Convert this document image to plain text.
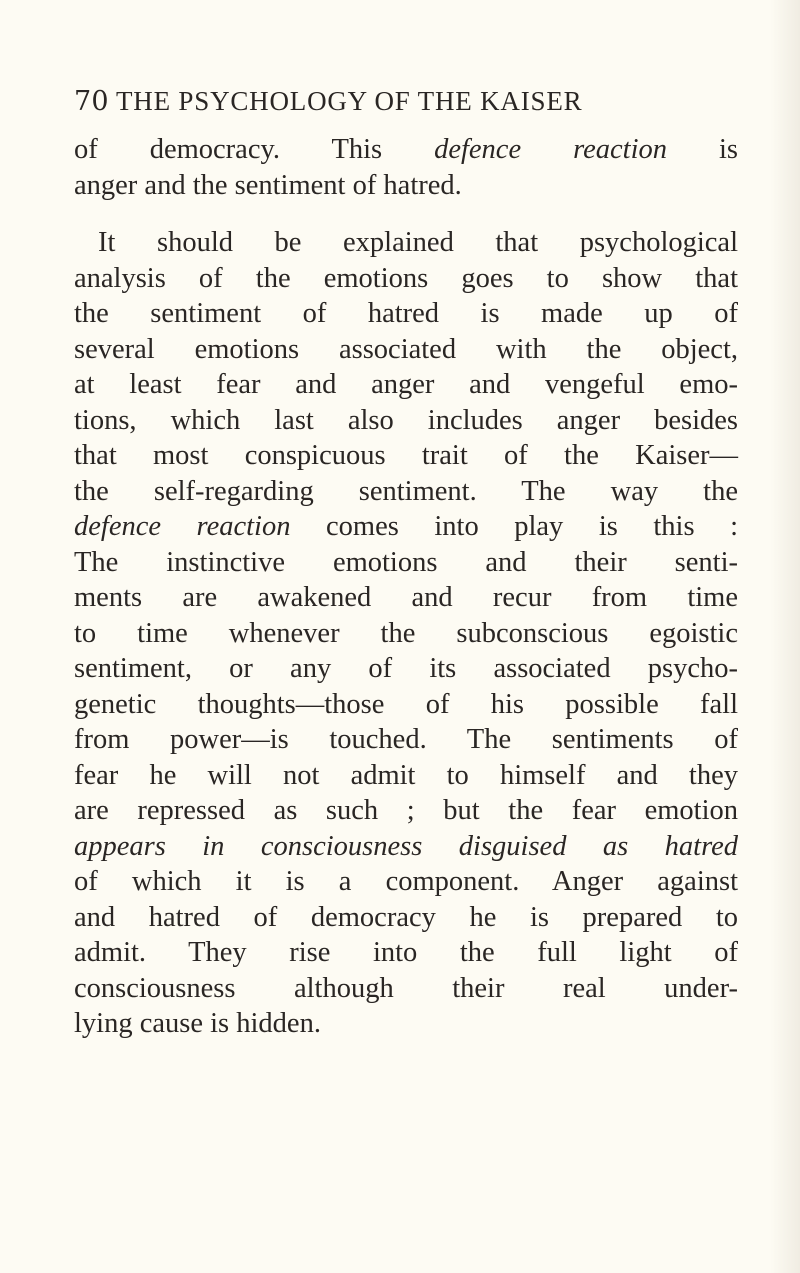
70 THE PSYCHOLOGY OF THE KAISER
of democracy. This defence reaction is
anger and the sentiment of hatred.
It should be explained that psychological
analysis of the emotions goes to show that
the sentiment of hatred is made up of
several emotions associated with the object,
at least fear and anger and vengeful emo-
tions, which last also includes anger besides
that most conspicuous trait of the Kaiser—
the self-regarding sentiment. The way the
defence reaction comes into play is this :
The instinctive emotions and their senti-
ments are awakened and recur from time
to time whenever the subconscious egoistic
sentiment, or any of its associated psycho-
genetic thoughts—those of his possible fall
from power—is touched. The sentiments of
fear he will not admit to himself and they
are repressed as such ; but the fear emotion
appears in consciousness disguised as hatred
of which it is a component. Anger against
and hatred of democracy he is prepared to
admit. They rise into the full light of
consciousness although their real under-
lying cause is hidden.
